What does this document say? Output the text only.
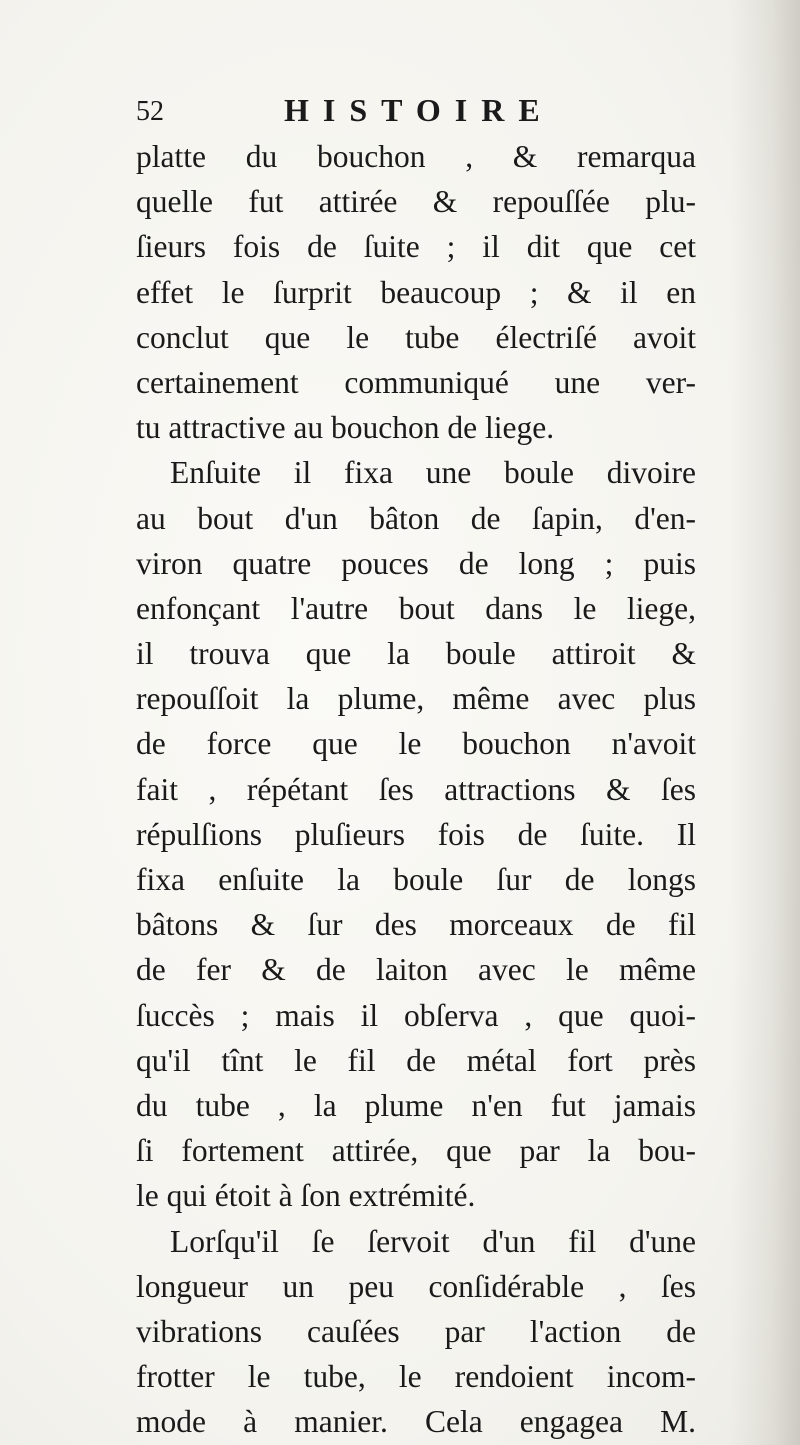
52	HISTOIRE
platte du bouchon , & remarqua
quelle fut attirée & repouſſée plu-
ſieurs fois de ſuite ; il dit que cet
effet le ſurprit beaucoup ; & il en
conclut que le tube électriſé avoit
certainement communiqué une ver-
tu attractive au bouchon de liege.
Enſuite il fixa une boule divoire
au bout d'un bâton de ſapin, d'en-
viron quatre pouces de long ; puis
enfonçant l'autre bout dans le liege,
il trouva que la boule attiroit &
repouſſoit la plume, même avec plus
de force que le bouchon n'avoit
fait , répétant ſes attractions & ſes
répulſions pluſieurs fois de ſuite. Il
fixa enſuite la boule ſur de longs
bâtons & ſur des morceaux de fil
de fer & de laiton avec le même
ſuccès ; mais il obſerva , que quoi-
qu'il tînt le fil de métal fort près
du tube , la plume n'en fut jamais
ſi fortement attirée, que par la bou-
le qui étoit à ſon extrémité.
Lorſqu'il ſe ſervoit d'un fil d'une
longueur un peu conſidérable , ſes
vibrations cauſées par l'action de
frotter le tube, le rendoient incom-
mode à manier. Cela engagea M.
